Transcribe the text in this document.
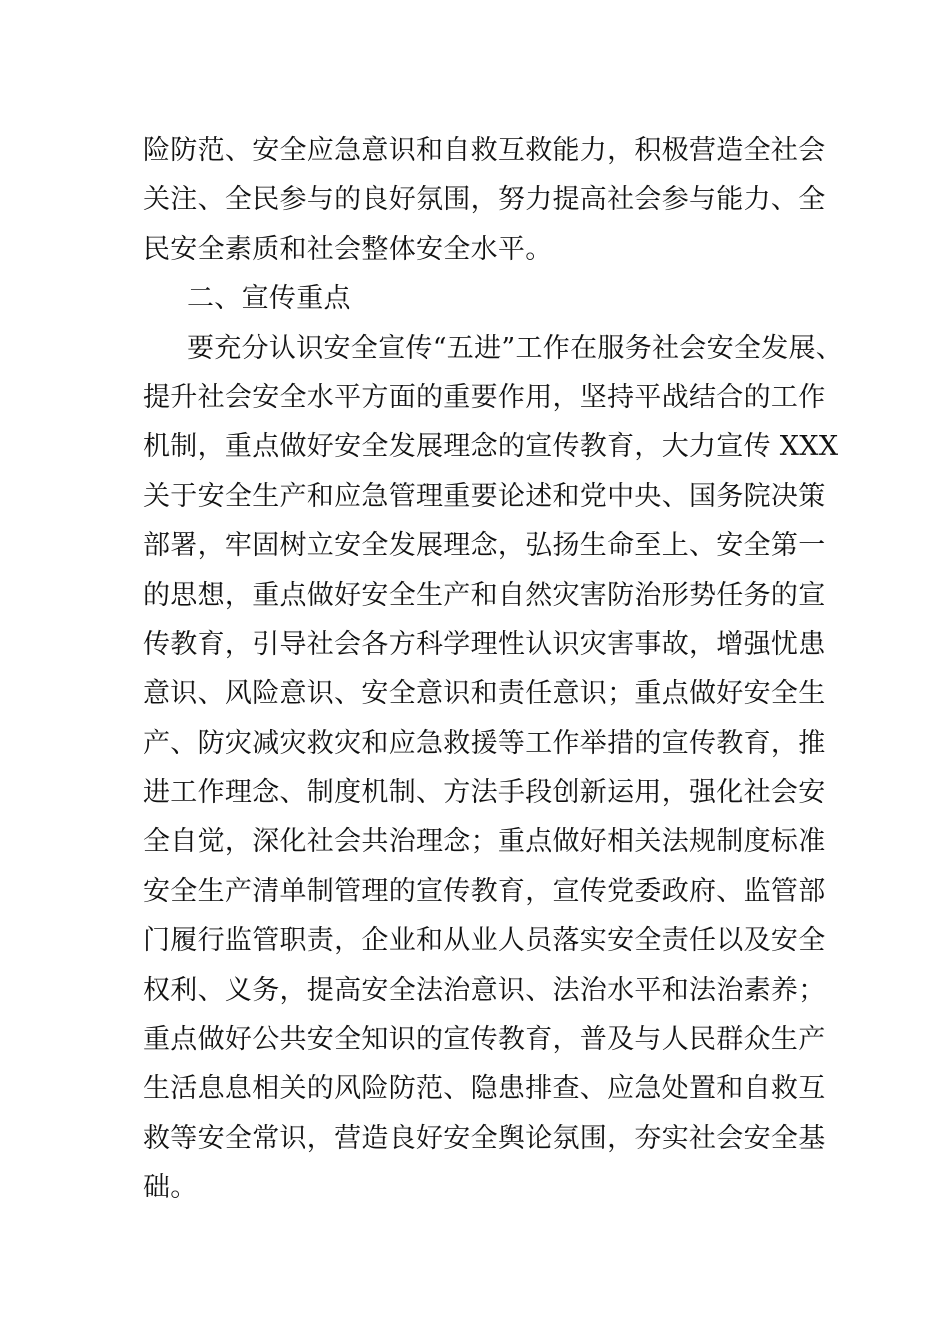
险防范、安全应急意识和自救互救能力，积极营造全社会
关注、全民参与的良好氛围，努力提高社会参与能力、全
民安全素质和社会整体安全水平。
二、宣传重点
要充分认识安全宣传“五进”工作在服务社会安全发展、
提升社会安全水平方面的重要作用，坚持平战结合的工作
机制，重点做好安全发展理念的宣传教育，大力宣传 XXX
关于安全生产和应急管理重要论述和党中央、国务院决策
部署，牢固树立安全发展理念，弘扬生命至上、安全第一
的思想，重点做好安全生产和自然灾害防治形势任务的宣
传教育，引导社会各方科学理性认识灾害事故，增强忧患
意识、风险意识、安全意识和责任意识；重点做好安全生
产、防灾减灾救灾和应急救援等工作举措的宣传教育，推
进工作理念、制度机制、方法手段创新运用，强化社会安
全自觉，深化社会共治理念；重点做好相关法规制度标准
安全生产清单制管理的宣传教育，宣传党委政府、监管部
门履行监管职责，企业和从业人员落实安全责任以及安全
权利、义务，提高安全法治意识、法治水平和法治素养；
重点做好公共安全知识的宣传教育，普及与人民群众生产
生活息息相关的风险防范、隐患排查、应急处置和自救互
救等安全常识，营造良好安全舆论氛围，夯实社会安全基
础。
